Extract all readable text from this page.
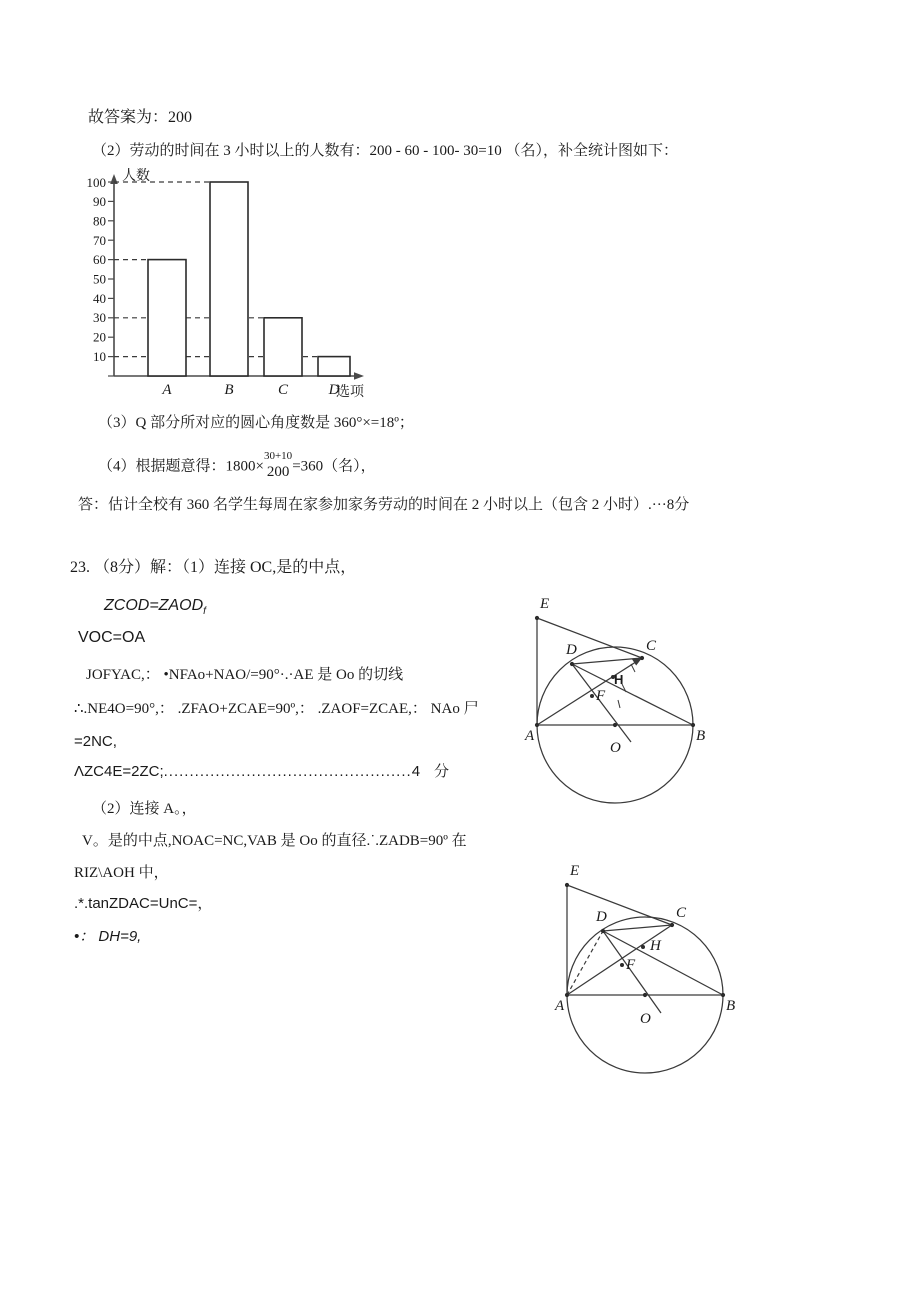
故答案为：200
（2）劳动的时间在 3 小时以上的人数有：200 - 60 - 100- 30=10 （名），补全统计图如下：
100
90
80
70
60
50
40
30
20
10
A	B	C	D
人数
选项
（3）Q 部分所对应的圆心角度数是 360°×=18º；
（4）根据题意得：1800×
30+10
200 =360（名），
答：估计全校有 360 名学生每周在家参加家务劳动的时间在 2 小时以上（包含 2 小时）.···8分
23. （8分）解：（1）连接 OC,是的中点，
$ZCOD=ZAOD_f$
VOC=OA
JOFYAC,： •NFAo+NAO/=90°·.·AE 是 Oo 的切线
∴.NE4O=90°,： .ZFAO+ZCAE=90º,： .ZAOF=ZCAE,： NAo 尸
=2NC,
ΛZC4E=2ZC;................................................4 分
（2）连接 A。，
V。是的中点,NOAC=NC,VAB 是 Oo 的直径.˙.ZADB=90º 在
RIZ\AOH 中，
.*.tanZDAC=UnC=，
•： DH=9,
E
D	C
A	B
O
F
H
E
D	C
A	B
O
F
H
